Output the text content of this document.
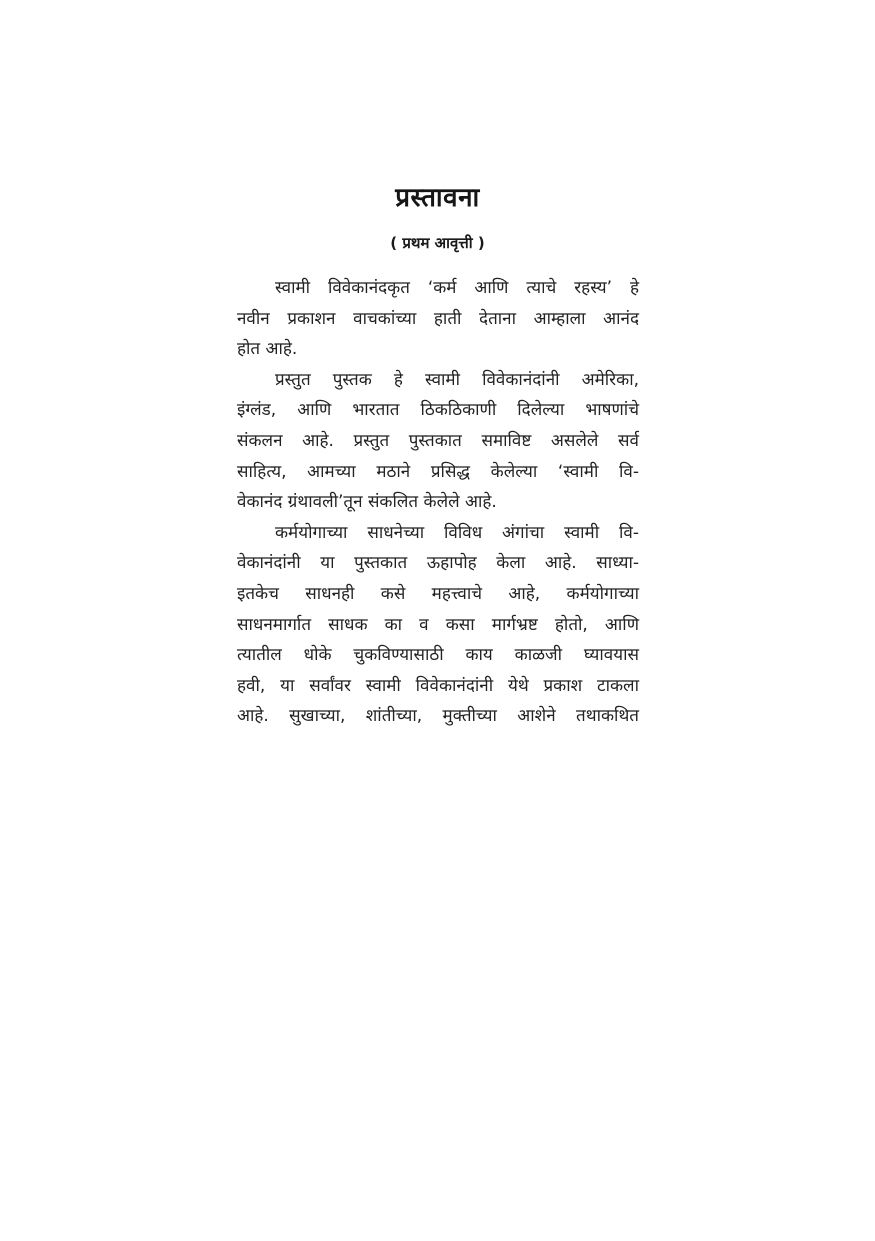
प्रस्तावना
( प्रथम आवृत्ती )
स्वामी विवेकानंदकृत ‘कर्म आणि त्याचे रहस्य’ हे
नवीन प्रकाशन वाचकांच्या हाती देताना आम्हाला आनंद
होत आहे.
प्रस्तुत पुस्तक हे स्वामी विवेकानंदांनी अमेरिका,
इंग्लंड, आणि भारतात ठिकठिकाणी दिलेल्या भाषणांचे
संकलन आहे. प्रस्तुत पुस्तकात समाविष्ट असलेले सर्व
साहित्य, आमच्या मठाने प्रसिद्ध केलेल्या ‘स्वामी वि-
वेकानंद ग्रंथावली’तून संकलित केलेले आहे.
कर्मयोगाच्या साधनेच्या विविध अंगांचा स्वामी वि-
वेकानंदांनी या पुस्तकात ऊहापोह केला आहे. साध्या-
इतकेच साधनही कसे महत्त्वाचे आहे, कर्मयोगाच्या
साधनमार्गात साधक का व कसा मार्गभ्रष्ट होतो, आणि
त्यातील धोके चुकविण्यासाठी काय काळजी घ्यावयास
हवी, या सर्वांवर स्वामी विवेकानंदांनी येथे प्रकाश टाकला
आहे. सुखाच्या, शांतीच्या, मुक्तीच्या आशेने तथाकथित
